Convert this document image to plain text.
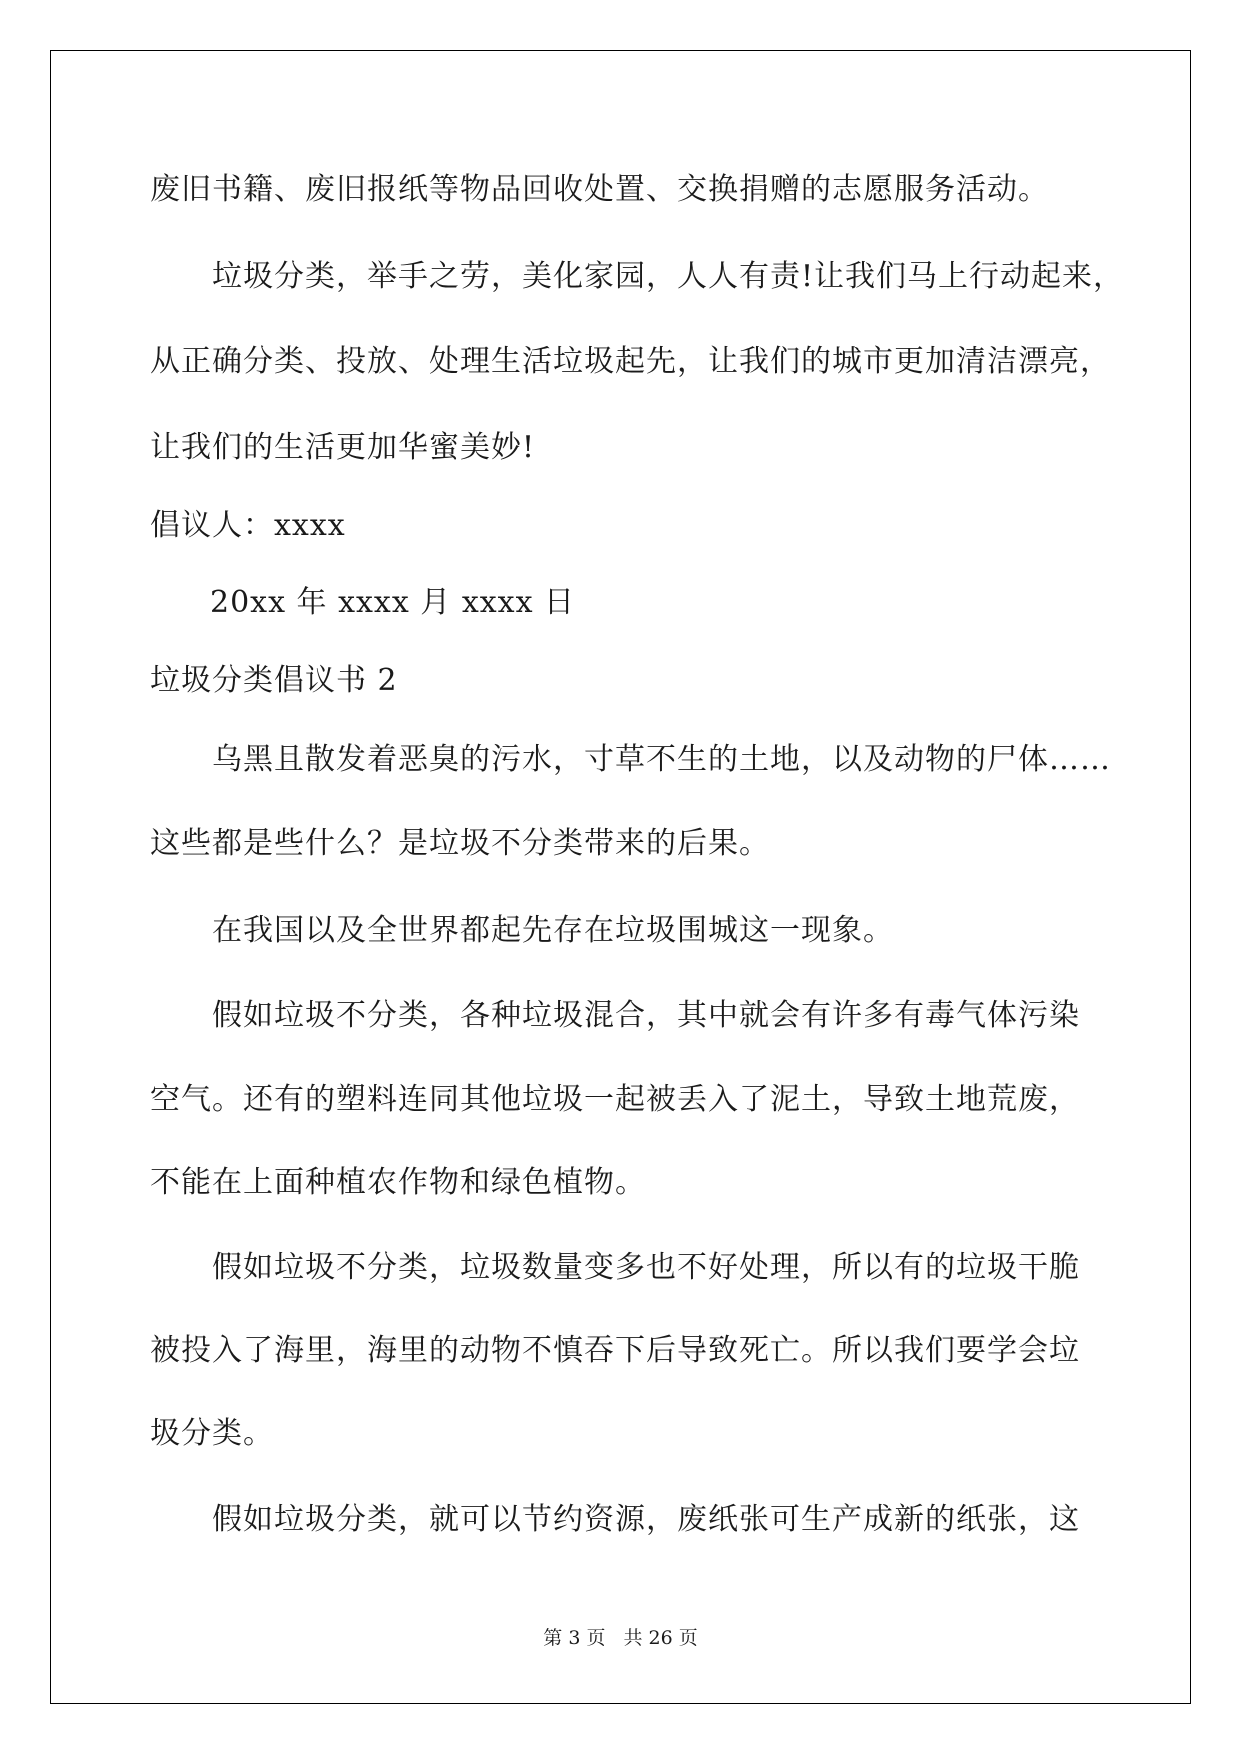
废旧书籍、废旧报纸等物品回收处置、交换捐赠的志愿服务活动。
垃圾分类，举手之劳，美化家园，人人有责!让我们马上行动起来，
从正确分类、投放、处理生活垃圾起先，让我们的城市更加清洁漂亮，
让我们的生活更加华蜜美妙!
倡议人：xxxx
20xx 年 xxxx 月 xxxx 日
垃圾分类倡议书 2
乌黑且散发着恶臭的污水，寸草不生的土地，以及动物的尸体……
这些都是些什么？是垃圾不分类带来的后果。
在我国以及全世界都起先存在垃圾围城这一现象。
假如垃圾不分类，各种垃圾混合，其中就会有许多有毒气体污染
空气。还有的塑料连同其他垃圾一起被丢入了泥土，导致土地荒废，
不能在上面种植农作物和绿色植物。
假如垃圾不分类，垃圾数量变多也不好处理，所以有的垃圾干脆
被投入了海里，海里的动物不慎吞下后导致死亡。所以我们要学会垃
圾分类。
假如垃圾分类，就可以节约资源，废纸张可生产成新的纸张，这
第 3 页 共 26 页
